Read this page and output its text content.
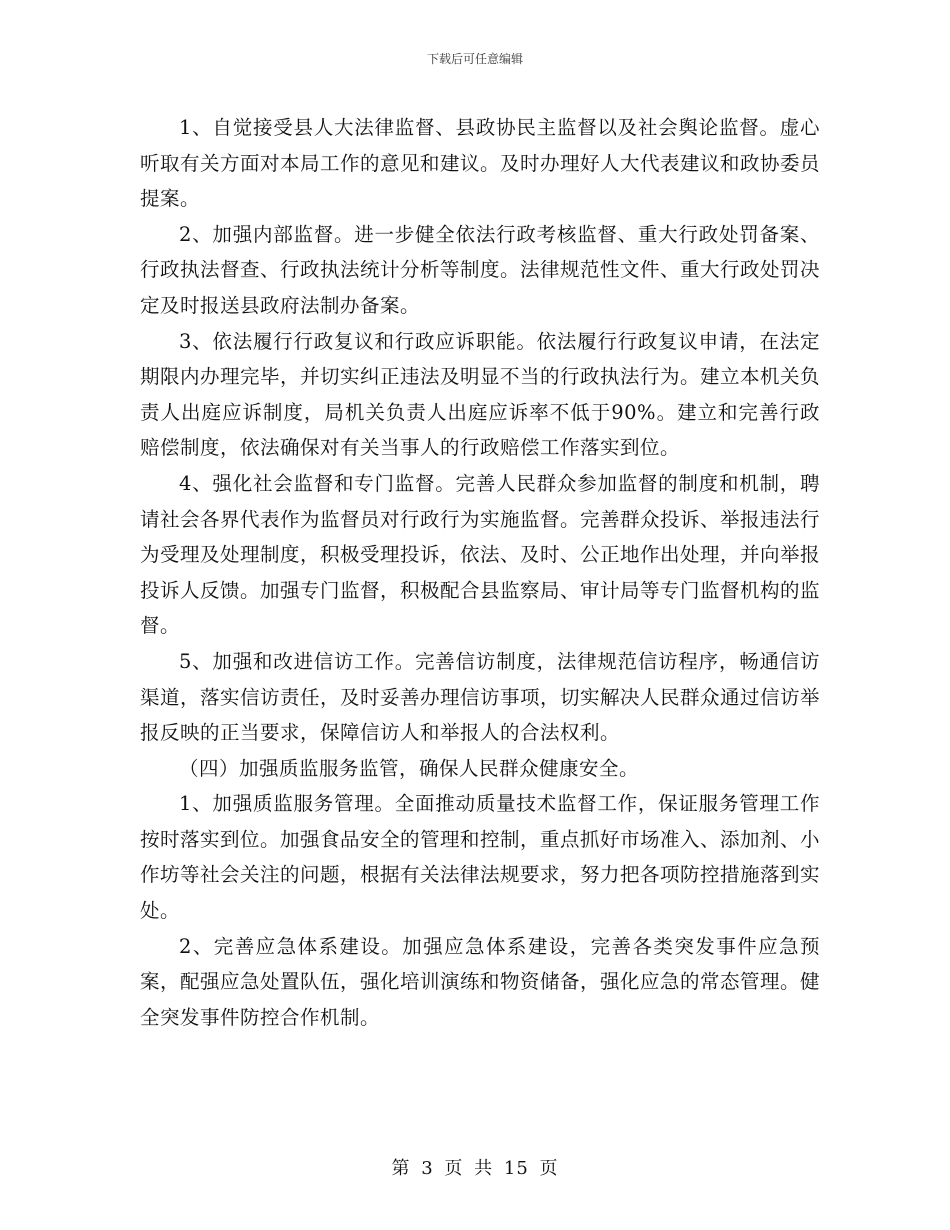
下载后可任意编辑

1、自觉接受县人大法律监督、县政协民主监督以及社会舆论监督。虚心听取有关方面对本局工作的意见和建议。及时办理好人大代表建议和政协委员提案。

2、加强内部监督。进一步健全依法行政考核监督、重大行政处罚备案、行政执法督查、行政执法统计分析等制度。法律规范性文件、重大行政处罚决定及时报送县政府法制办备案。

3、依法履行行政复议和行政应诉职能。依法履行行政复议申请，在法定期限内办理完毕，并切实纠正违法及明显不当的行政执法行为。建立本机关负责人出庭应诉制度，局机关负责人出庭应诉率不低于90%。建立和完善行政赔偿制度，依法确保对有关当事人的行政赔偿工作落实到位。

4、强化社会监督和专门监督。完善人民群众参加监督的制度和机制，聘请社会各界代表作为监督员对行政行为实施监督。完善群众投诉、举报违法行为受理及处理制度，积极受理投诉，依法、及时、公正地作出处理，并向举报投诉人反馈。加强专门监督，积极配合县监察局、审计局等专门监督机构的监督。

5、加强和改进信访工作。完善信访制度，法律规范信访程序，畅通信访渠道，落实信访责任，及时妥善办理信访事项，切实解决人民群众通过信访举报反映的正当要求，保障信访人和举报人的合法权利。

（四）加强质监服务监管，确保人民群众健康安全。

1、加强质监服务管理。全面推动质量技术监督工作，保证服务管理工作按时落实到位。加强食品安全的管理和控制，重点抓好市场准入、添加剂、小作坊等社会关注的问题，根据有关法律法规要求，努力把各项防控措施落到实处。

2、完善应急体系建设。加强应急体系建设，完善各类突发事件应急预案，配强应急处置队伍，强化培训演练和物资储备，强化应急的常态管理。健全突发事件防控合作机制。

第 3 页 共 15 页
